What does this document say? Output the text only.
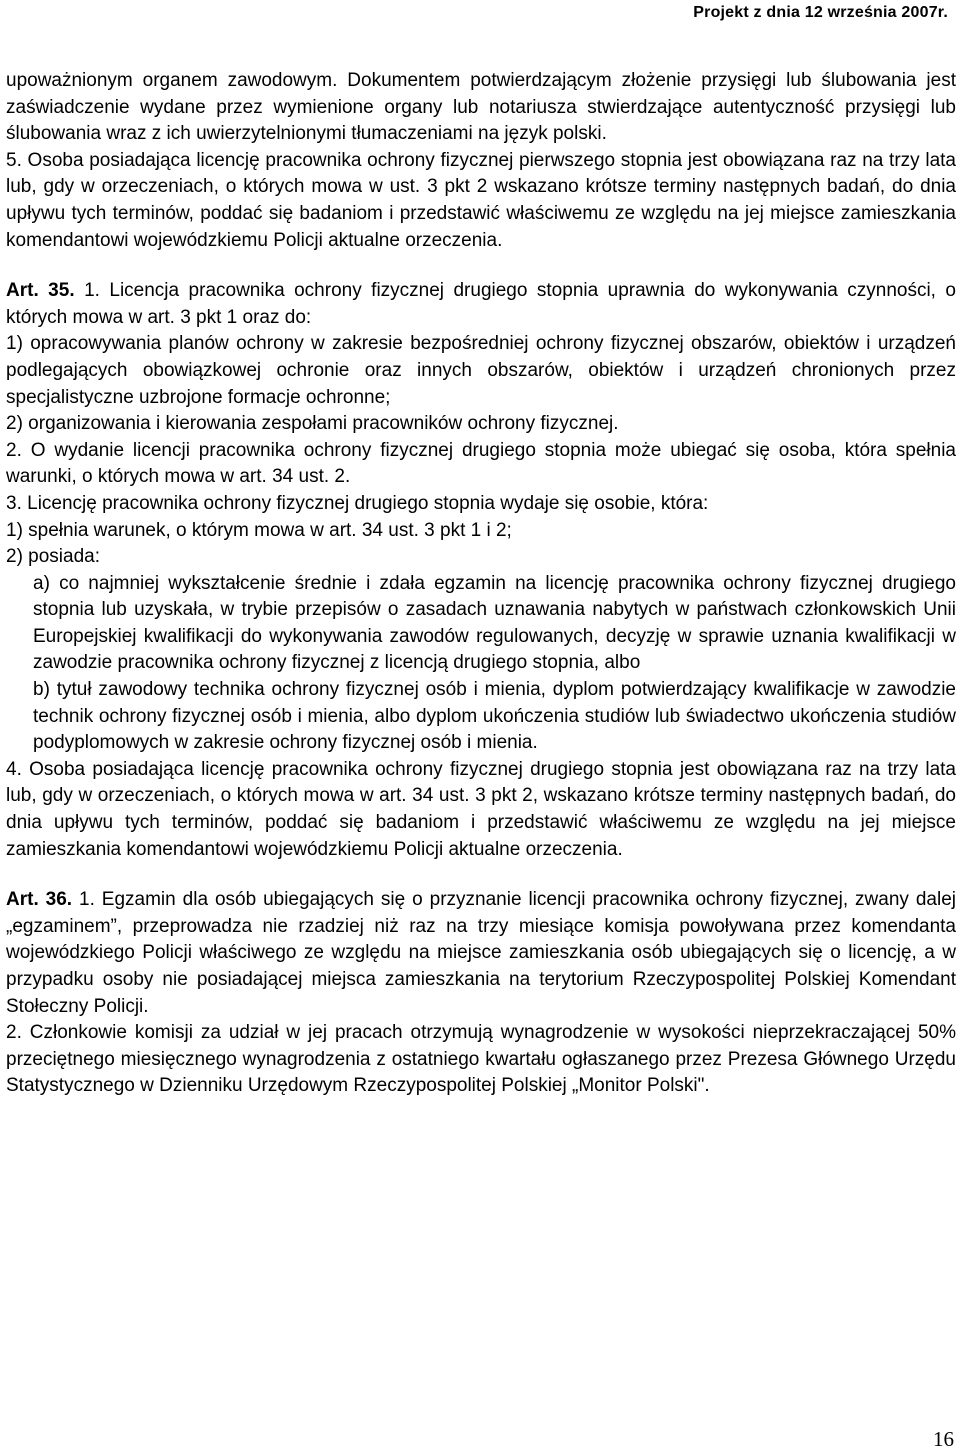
Projekt z dnia 12 września 2007r.

upoważnionym organem zawodowym. Dokumentem potwierdzającym złożenie przysięgi lub ślubowania jest zaświadczenie wydane przez wymienione organy lub notariusza stwierdzające autentyczność przysięgi lub ślubowania wraz z ich uwierzytelnionymi tłumaczeniami na język polski.

5. Osoba posiadająca licencję pracownika ochrony fizycznej pierwszego stopnia jest obowiązana raz na trzy lata lub, gdy w orzeczeniach, o których mowa w ust. 3 pkt 2 wskazano krótsze terminy następnych badań, do dnia upływu tych terminów, poddać się badaniom i przedstawić właściwemu ze względu na jej miejsce zamieszkania komendantowi wojewódzkiemu Policji aktualne orzeczenia.

Art. 35. 1. Licencja pracownika ochrony fizycznej drugiego stopnia uprawnia do wykonywania czynności, o których mowa w art. 3 pkt 1 oraz do:

1) opracowywania planów ochrony w zakresie bezpośredniej ochrony fizycznej obszarów, obiektów i urządzeń podlegających obowiązkowej ochronie oraz innych obszarów, obiektów i urządzeń chronionych przez specjalistyczne uzbrojone formacje ochronne;

2) organizowania i kierowania zespołami pracowników ochrony fizycznej.

2. O wydanie licencji pracownika ochrony fizycznej drugiego stopnia może ubiegać się osoba, która spełnia warunki, o których mowa w art. 34 ust. 2.

3. Licencję pracownika ochrony fizycznej drugiego stopnia wydaje się osobie, która:

1) spełnia warunek, o którym mowa w art. 34 ust. 3 pkt 1 i 2;

2) posiada:

a) co najmniej wykształcenie średnie i zdała egzamin na licencję pracownika ochrony fizycznej drugiego stopnia lub uzyskała, w trybie przepisów o zasadach uznawania nabytych w państwach członkowskich Unii Europejskiej kwalifikacji do wykonywania zawodów regulowanych, decyzję w sprawie uznania kwalifikacji w zawodzie pracownika ochrony fizycznej z licencją drugiego stopnia, albo

b) tytuł zawodowy technika ochrony fizycznej osób i mienia, dyplom potwierdzający kwalifikacje w zawodzie technik ochrony fizycznej osób i mienia, albo dyplom ukończenia studiów lub świadectwo ukończenia studiów podyplomowych w zakresie ochrony fizycznej osób i mienia.

4. Osoba posiadająca licencję pracownika ochrony fizycznej drugiego stopnia jest obowiązana raz na trzy lata lub, gdy w orzeczeniach, o których mowa w art. 34 ust. 3 pkt 2, wskazano krótsze terminy następnych badań, do dnia upływu tych terminów, poddać się badaniom i przedstawić właściwemu ze względu na jej miejsce zamieszkania komendantowi wojewódzkiemu Policji aktualne orzeczenia.

Art. 36. 1. Egzamin dla osób ubiegających się o przyznanie licencji pracownika ochrony fizycznej, zwany dalej „egzaminem”, przeprowadza nie rzadziej niż raz na trzy miesiące komisja powoływana przez komendanta wojewódzkiego Policji właściwego ze względu na miejsce zamieszkania osób ubiegających się o licencję, a w przypadku osoby nie posiadającej miejsca zamieszkania na terytorium Rzeczypospolitej Polskiej Komendant Stołeczny Policji.

2. Członkowie komisji za udział w jej pracach otrzymują wynagrodzenie w wysokości nieprzekraczającej 50% przeciętnego miesięcznego wynagrodzenia z ostatniego kwartału ogłaszanego przez Prezesa Głównego Urzędu Statystycznego w Dzienniku Urzędowym Rzeczypospolitej Polskiej „Monitor Polski".

16
